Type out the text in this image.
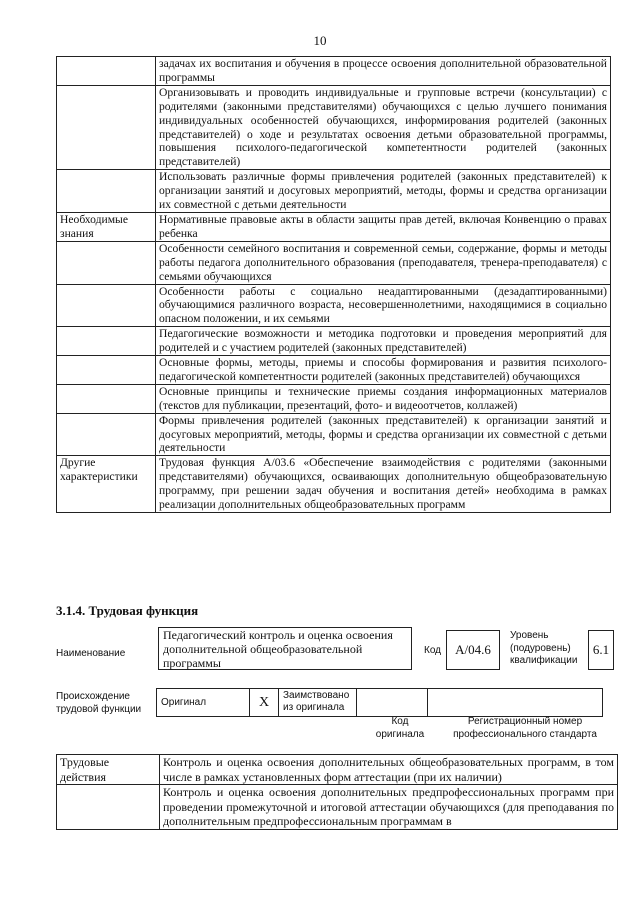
10
	задачах их воспитания и обучения в процессе освоения дополнительной образовательной программы
	Организовывать и проводить индивидуальные и групповые встречи (консультации) с родителями (законными представителями) обучающихся с целью лучшего понимания индивидуальных особенностей обучающихся, информирования родителей (законных представителей) о ходе и результатах освоения детьми образовательной программы, повышения психолого-педагогической компетентности родителей (законных представителей)
	Использовать различные формы привлечения родителей (законных представителей) к организации занятий и досуговых мероприятий, методы, формы и средства организации их совместной с детьми деятельности
Необходимые знания	Нормативные правовые акты в области защиты прав детей, включая Конвенцию о правах ребенка
	Особенности семейного воспитания и современной семьи, содержание, формы и методы работы педагога дополнительного образования (преподавателя, тренера-преподавателя) с семьями обучающихся
	Особенности работы с социально неадаптированными (дезадаптированными) обучающимися различного возраста, несовершеннолетними, находящимися в социально опасном положении, и их семьями
	Педагогические возможности и методика подготовки и проведения мероприятий для родителей и с участием родителей (законных представителей)
	Основные формы, методы, приемы и способы формирования и развития психолого-педагогической компетентности родителей (законных представителей) обучающихся
	Основные принципы и технические приемы создания информационных материалов (текстов для публикации, презентаций, фото- и видеоотчетов, коллажей)
	Формы привлечения родителей (законных представителей) к организации занятий и досуговых мероприятий, методы, формы и средства организации их совместной с детьми деятельности
Другие характеристики	Трудовая функция А/03.6 «Обеспечение взаимодействия с родителями (законными представителями) обучающихся, осваивающих дополнительную общеобразовательную программу, при решении задач обучения и воспитания детей» необходима в рамках реализации дополнительных общеобразовательных программ
3.1.4. Трудовая функция
Наименование
Педагогический контроль и оценка освоения дополнительной общеобразовательной программы
Код	А/04.6
Уровень (подуровень) квалификации
6.1
Происхождение трудовой функции
Оригинал	X	Заимствовано из оригинала		
Код оригинала
Регистрационный номер профессионального стандарта
Трудовые действия	Контроль и оценка освоения дополнительных общеобразовательных программ, в том числе в рамках установленных форм аттестации (при их наличии)
	Контроль и оценка освоения дополнительных предпрофессиональных программ при проведении промежуточной и итоговой аттестации обучающихся (для преподавания по дополнительным предпрофессиональным программам в
